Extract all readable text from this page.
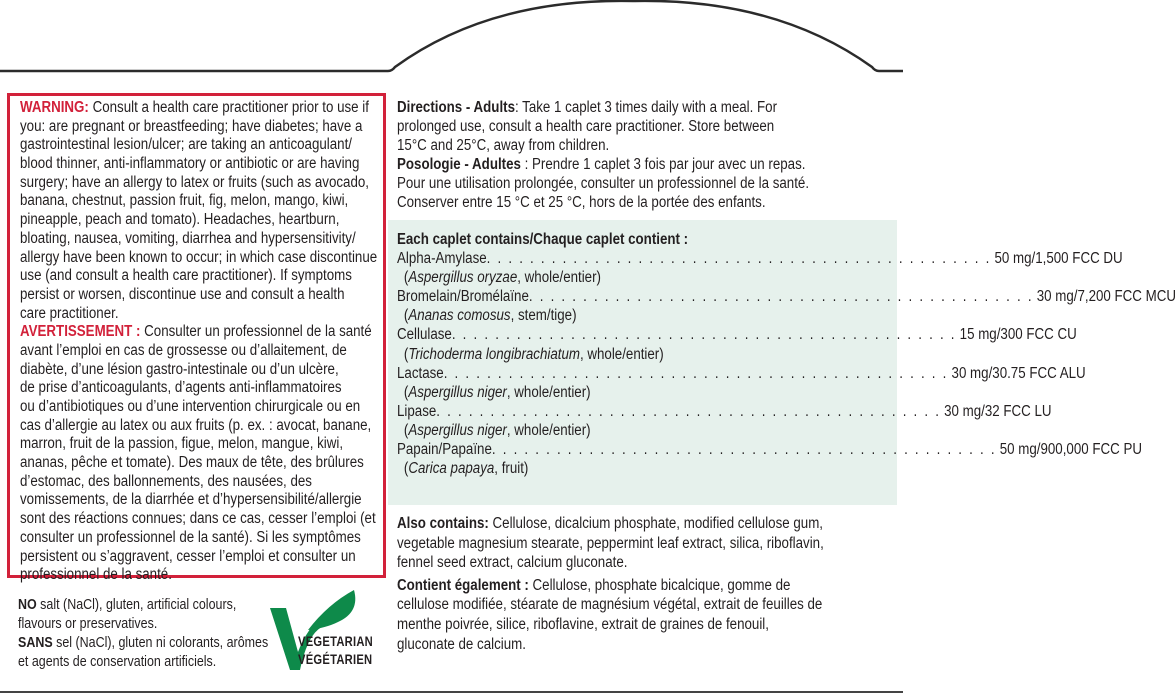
WARNING: Consult a health care practitioner prior to use if
you: are pregnant or breastfeeding; have diabetes; have a
gastrointestinal lesion/ulcer; are taking an anticoagulant/
blood thinner, anti-inflammatory or antibiotic or are having
surgery; have an allergy to latex or fruits (such as avocado,
banana, chestnut, passion fruit, fig, melon, mango, kiwi,
pineapple, peach and tomato). Headaches, heartburn,
bloating, nausea, vomiting, diarrhea and hypersensitivity/
allergy have been known to occur; in which case discontinue
use (and consult a health care practitioner). If symptoms
persist or worsen, discontinue use and consult a health
care practitioner.
AVERTISSEMENT : Consulter un professionnel de la santé
avant l’emploi en cas de grossesse ou d’allaitement, de
diabète, d’une lésion gastro-intestinale ou d’un ulcère,
de prise d’anticoagulants, d’agents anti-inflammatoires
ou d’antibiotiques ou d’une intervention chirurgicale ou en
cas d’allergie au latex ou aux fruits (p. ex. : avocat, banane,
marron, fruit de la passion, figue, melon, mangue, kiwi,
ananas, pêche et tomate). Des maux de tête, des brûlures
d’estomac, des ballonnements, des nausées, des
vomissements, de la diarrhée et d’hypersensibilité/allergie
sont des réactions connues; dans ce cas, cesser l’emploi (et
consulter un professionnel de la santé). Si les symptômes
persistent ou s’aggravent, cesser l’emploi et consulter un
professionnel de la santé.
NO salt (NaCl), gluten, artificial colours,
flavours or preservatives.
SANS sel (NaCl), gluten ni colorants, arômes
et agents de conservation artificiels.
VEGETARIAN
VÉGÉTARIEN
Directions - Adults: Take 1 caplet 3 times daily with a meal. For
prolonged use, consult a health care practitioner. Store between
15°C and 25°C, away from children.
Posologie - Adultes : Prendre 1 caplet 3 fois par jour avec un repas.
Pour une utilisation prolongée, consulter un professionnel de la santé.
Conserver entre 15 °C et 25 °C, hors de la portée des enfants.
Each caplet contains/Chaque caplet contient :
Alpha-Amylase . . . . . . . . . . . . . . . . . . . . . . . . . . . . . . . . . . . . . . . . . . . . . . . 50 mg/1,500 FCC DU
(Aspergillus oryzae, whole/entier)
Bromelain/Bromélaïne . . . . . . . . . . . . . . . . . . . . . . . . . . . . . . . . . . . . . . . . . . . . . . . 30 mg/7,200 FCC MCU
(Ananas comosus, stem/tige)
Cellulase . . . . . . . . . . . . . . . . . . . . . . . . . . . . . . . . . . . . . . . . . . . . . . . 15 mg/300 FCC CU
(Trichoderma longibrachiatum, whole/entier)
Lactase . . . . . . . . . . . . . . . . . . . . . . . . . . . . . . . . . . . . . . . . . . . . . . . 30 mg/30.75 FCC ALU
(Aspergillus niger, whole/entier)
Lipase . . . . . . . . . . . . . . . . . . . . . . . . . . . . . . . . . . . . . . . . . . . . . . . 30 mg/32 FCC LU
(Aspergillus niger, whole/entier)
Papain/Papaïne . . . . . . . . . . . . . . . . . . . . . . . . . . . . . . . . . . . . . . . . . . . . . . . 50 mg/900,000 FCC PU
(Carica papaya, fruit)
Also contains: Cellulose, dicalcium phosphate, modified cellulose gum,
vegetable magnesium stearate, peppermint leaf extract, silica, riboflavin,
fennel seed extract, calcium gluconate.
Contient également : Cellulose, phosphate bicalcique, gomme de
cellulose modifiée, stéarate de magnésium végétal, extrait de feuilles de
menthe poivrée, silice, riboflavine, extrait de graines de fenouil,
gluconate de calcium.
